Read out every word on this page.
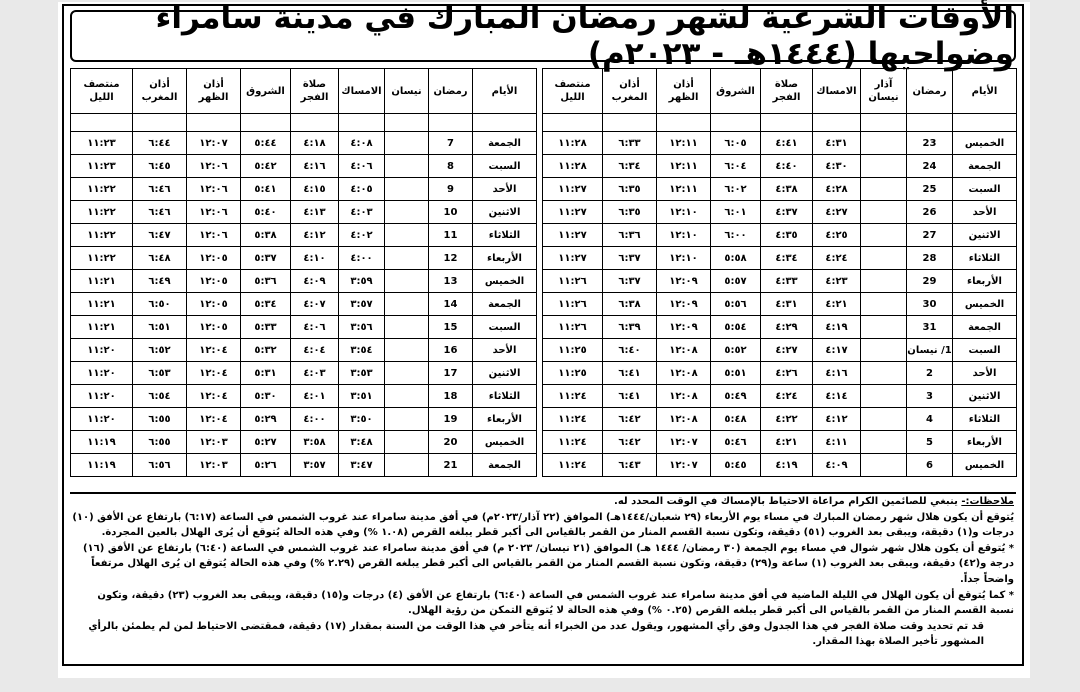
الأوقات الشرعية لشهر رمضان المبارك في مدينة سامراء وضواحيها (١٤٤٤هـ - ٢٠٢٣م)
الأيام	رمضان	آذار نيسان	الامساك	صلاة الفجر	الشروق	أذان الظهر	أذان المغرب	منتصف الليل

الخميس	23		٤:٣١	٤:٤١	٦:٠٥	١٢:١١	٦:٣٣	١١:٢٨
الجمعة	24		٤:٣٠	٤:٤٠	٦:٠٤	١٢:١١	٦:٣٤	١١:٢٨
السبت	25		٤:٢٨	٤:٣٨	٦:٠٢	١٢:١١	٦:٣٥	١١:٢٧
الأحد	26		٤:٢٧	٤:٣٧	٦:٠١	١٢:١٠	٦:٣٥	١١:٢٧
الاثنين	27		٤:٢٥	٤:٣٥	٦:٠٠	١٢:١٠	٦:٣٦	١١:٢٧
الثلاثاء	28		٤:٢٤	٤:٣٤	٥:٥٨	١٢:١٠	٦:٣٧	١١:٢٧
الأربعاء	29		٤:٢٣	٤:٣٣	٥:٥٧	١٢:٠٩	٦:٣٧	١١:٢٦
الخميس	30		٤:٢١	٤:٣١	٥:٥٦	١٢:٠٩	٦:٣٨	١١:٢٦
الجمعة	31		٤:١٩	٤:٢٩	٥:٥٤	١٢:٠٩	٦:٣٩	١١:٢٦
السبت	1/ نيسان		٤:١٧	٤:٢٧	٥:٥٢	١٢:٠٨	٦:٤٠	١١:٢٥
الأحد	2		٤:١٦	٤:٢٦	٥:٥١	١٢:٠٨	٦:٤١	١١:٢٥
الاثنين	3		٤:١٤	٤:٢٤	٥:٤٩	١٢:٠٨	٦:٤١	١١:٢٤
الثلاثاء	4		٤:١٢	٤:٢٢	٥:٤٨	١٢:٠٨	٦:٤٢	١١:٢٤
الأربعاء	5		٤:١١	٤:٢١	٥:٤٦	١٢:٠٧	٦:٤٢	١١:٢٤
الخميس	6		٤:٠٩	٤:١٩	٥:٤٥	١٢:٠٧	٦:٤٣	١١:٢٤
الأيام	رمضان	نيسان	الامساك	صلاة الفجر	الشروق	أذان الظهر	أذان المغرب	منتصف الليل

الجمعة	7		٤:٠٨	٤:١٨	٥:٤٤	١٢:٠٧	٦:٤٤	١١:٢٣
السبت	8		٤:٠٦	٤:١٦	٥:٤٢	١٢:٠٦	٦:٤٥	١١:٢٣
الأحد	9		٤:٠٥	٤:١٥	٥:٤١	١٢:٠٦	٦:٤٦	١١:٢٢
الاثنين	10		٤:٠٣	٤:١٣	٥:٤٠	١٢:٠٦	٦:٤٦	١١:٢٢
الثلاثاء	11		٤:٠٢	٤:١٢	٥:٣٨	١٢:٠٦	٦:٤٧	١١:٢٢
الأربعاء	12		٤:٠٠	٤:١٠	٥:٣٧	١٢:٠٥	٦:٤٨	١١:٢٢
الخميس	13		٣:٥٩	٤:٠٩	٥:٣٦	١٢:٠٥	٦:٤٩	١١:٢١
الجمعة	14		٣:٥٧	٤:٠٧	٥:٣٤	١٢:٠٥	٦:٥٠	١١:٢١
السبت	15		٣:٥٦	٤:٠٦	٥:٣٣	١٢:٠٥	٦:٥١	١١:٢١
الأحد	16		٣:٥٤	٤:٠٤	٥:٣٢	١٢:٠٤	٦:٥٢	١١:٢٠
الاثنين	17		٣:٥٣	٤:٠٣	٥:٣١	١٢:٠٤	٦:٥٣	١١:٢٠
الثلاثاء	18		٣:٥١	٤:٠١	٥:٣٠	١٢:٠٤	٦:٥٤	١١:٢٠
الأربعاء	19		٣:٥٠	٤:٠٠	٥:٢٩	١٢:٠٤	٦:٥٥	١١:٢٠
الخميس	20		٣:٤٨	٣:٥٨	٥:٢٧	١٢:٠٣	٦:٥٥	١١:١٩
الجمعة	21		٣:٤٧	٣:٥٧	٥:٢٦	١٢:٠٣	٦:٥٦	١١:١٩

ملاحظات:- ينبغي للصائمين الكرام مراعاة الاحتياط بالإمساك في الوقت المحدد له.

يُتوقع أن يكون هلال شهر رمضان المبارك في مساء يوم الأربعاء (٢٩ شعبان/١٤٤٤هـ) الموافق (٢٢ آذار/٢٠٢٣م) في أفق مدينة سامراء عند غروب الشمس في الساعة (٦:١٧) بارتفاع عن الأفق (١٠) درجات و(١) دقيقة، ويبقى بعد الغروب (٥١) دقيقة، وتكون نسبة القسم المنار من القمر بالقياس الى أكبر قطر يبلغه القرص (١.٠٨ %) وفي هذه الحالة يُتوقع أن يُرى الهلال بالعين المجردة.

* يُتوقع أن يكون هلال شهر شوال في مساء يوم الجمعة (٣٠ رمضان/ ١٤٤٤ هـ) الموافق (٢١ نيسان/ ٢٠٢٣ م) في أفق مدينة سامراء عند غروب الشمس في الساعة (٦:٤٠) بارتفاع عن الأفق (١٦) درجة و(٤٢) دقيقة، ويبقى بعد الغروب (١) ساعة و(٢٩) دقيقة، وتكون نسبة القسم المنار من القمر بالقياس الى أكبر قطر يبلغه القرص (٢.٢٩ %) وفي هذه الحالة يُتوقع ان يُرى الهلال مرتفعاً واضحاً جداً.

* كما يُتوقع أن يكون الهلال في الليلة الماضية في أفق مدينة سامراء عند غروب الشمس في الساعة (٦:٤٠) بارتفاع عن الأفق (٤) درجات و(١٥) دقيقة، ويبقى بعد الغروب (٢٣) دقيقة، وتكون نسبة القسم المنار من القمر بالقياس الى أكبر قطر يبلغه القرص (٠.٢٥ %) وفي هذه الحالة لا يُتوقع التمكن من رؤية الهلال.

قد تم تحديد وقت صلاة الفجر في هذا الجدول وفق رأي المشهور، ويقول عدد من الخبراء أنه يتأخر في هذا الوقت من السنة بمقدار (١٧) دقيقة، فمقتضى الاحتياط لمن لم يطمئن بالرأي المشهور تأخير الصلاة بهذا المقدار.
